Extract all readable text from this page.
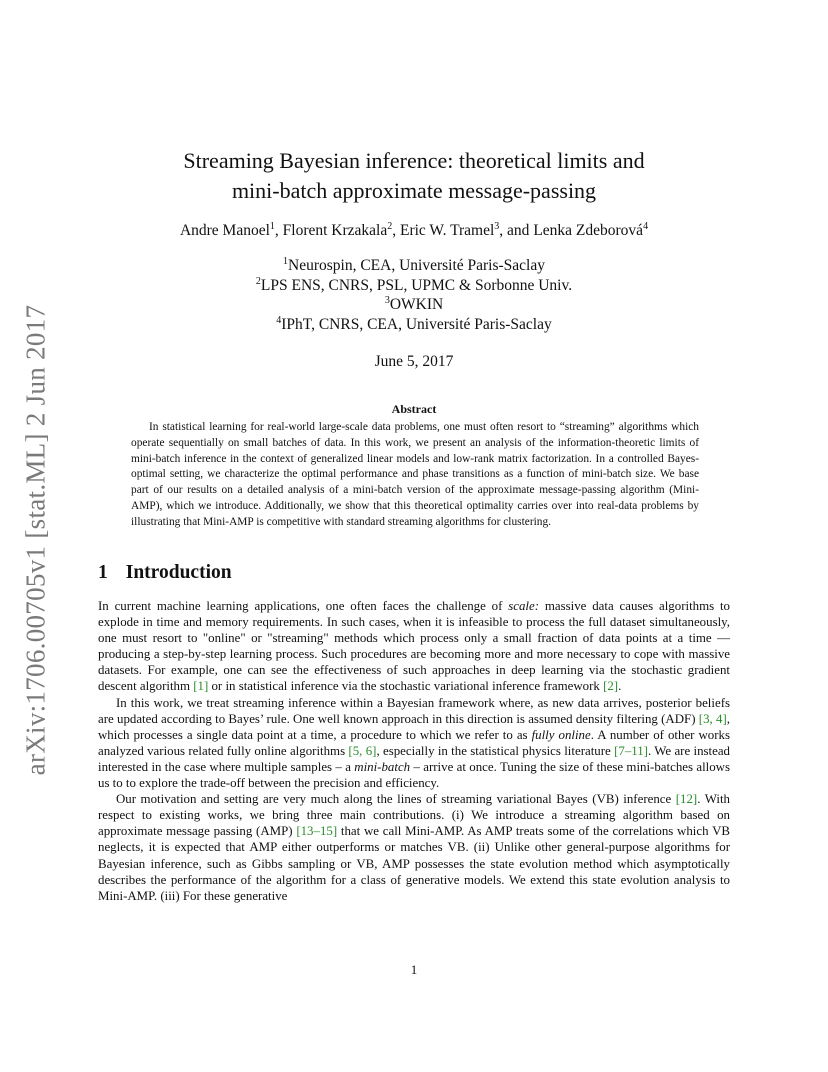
arXiv:1706.00705v1 [stat.ML] 2 Jun 2017
Streaming Bayesian inference: theoretical limits and
mini-batch approximate message-passing
Andre Manoel$^1$, Florent Krzakala$^2$, Eric W. Tramel$^3$, and Lenka Zdeborová$^4$
$^1$Neurospin, CEA, Université Paris-Saclay
$^2$LPS ENS, CNRS, PSL, UPMC & Sorbonne Univ.
$^3$OWKIN
$^4$IPhT, CNRS, CEA, Université Paris-Saclay
June 5, 2017
Abstract

In statistical learning for real-world large-scale data problems, one must often resort to “streaming” algorithms which operate sequentially on small batches of data. In this work, we present an analysis of the information-theoretic limits of mini-batch inference in the context of generalized linear models and low-rank matrix factorization. In a controlled Bayes-optimal setting, we characterize the optimal performance and phase transitions as a function of mini-batch size. We base part of our results on a detailed analysis of a mini-batch version of the approximate message-passing algorithm (Mini-AMP), which we introduce. Additionally, we show that this theoretical optimality carries over into real-data problems by illustrating that Mini-AMP is competitive with standard streaming algorithms for clustering.

1 Introduction

In current machine learning applications, one often faces the challenge of scale: massive data causes algorithms to explode in time and memory requirements. In such cases, when it is infeasible to process the full dataset simultaneously, one must resort to "online" or "streaming" methods which process only a small fraction of data points at a time — producing a step-by-step learning process. Such procedures are becoming more and more necessary to cope with massive datasets. For example, one can see the effectiveness of such approaches in deep learning via the stochastic gradient descent algorithm [1] or in statistical inference via the stochastic variational inference framework [2].

In this work, we treat streaming inference within a Bayesian framework where, as new data arrives, posterior beliefs are updated according to Bayes’ rule. One well known approach in this direction is assumed density filtering (ADF) [3, 4], which processes a single data point at a time, a procedure to which we refer to as fully online. A number of other works analyzed various related fully online algorithms [5, 6], especially in the statistical physics literature [7–11]. We are instead interested in the case where multiple samples – a mini-batch – arrive at once. Tuning the size of these mini-batches allows us to to explore the trade-off between the precision and efficiency.

Our motivation and setting are very much along the lines of streaming variational Bayes (VB) inference [12]. With respect to existing works, we bring three main contributions. (i) We introduce a streaming algorithm based on approximate message passing (AMP) [13–15] that we call Mini-AMP. As AMP treats some of the correlations which VB neglects, it is expected that AMP either outperforms or matches VB. (ii) Unlike other general-purpose algorithms for Bayesian inference, such as Gibbs sampling or VB, AMP possesses the state evolution method which asymptotically describes the performance of the algorithm for a class of generative models. We extend this state evolution analysis to Mini-AMP. (iii) For these generative

1
